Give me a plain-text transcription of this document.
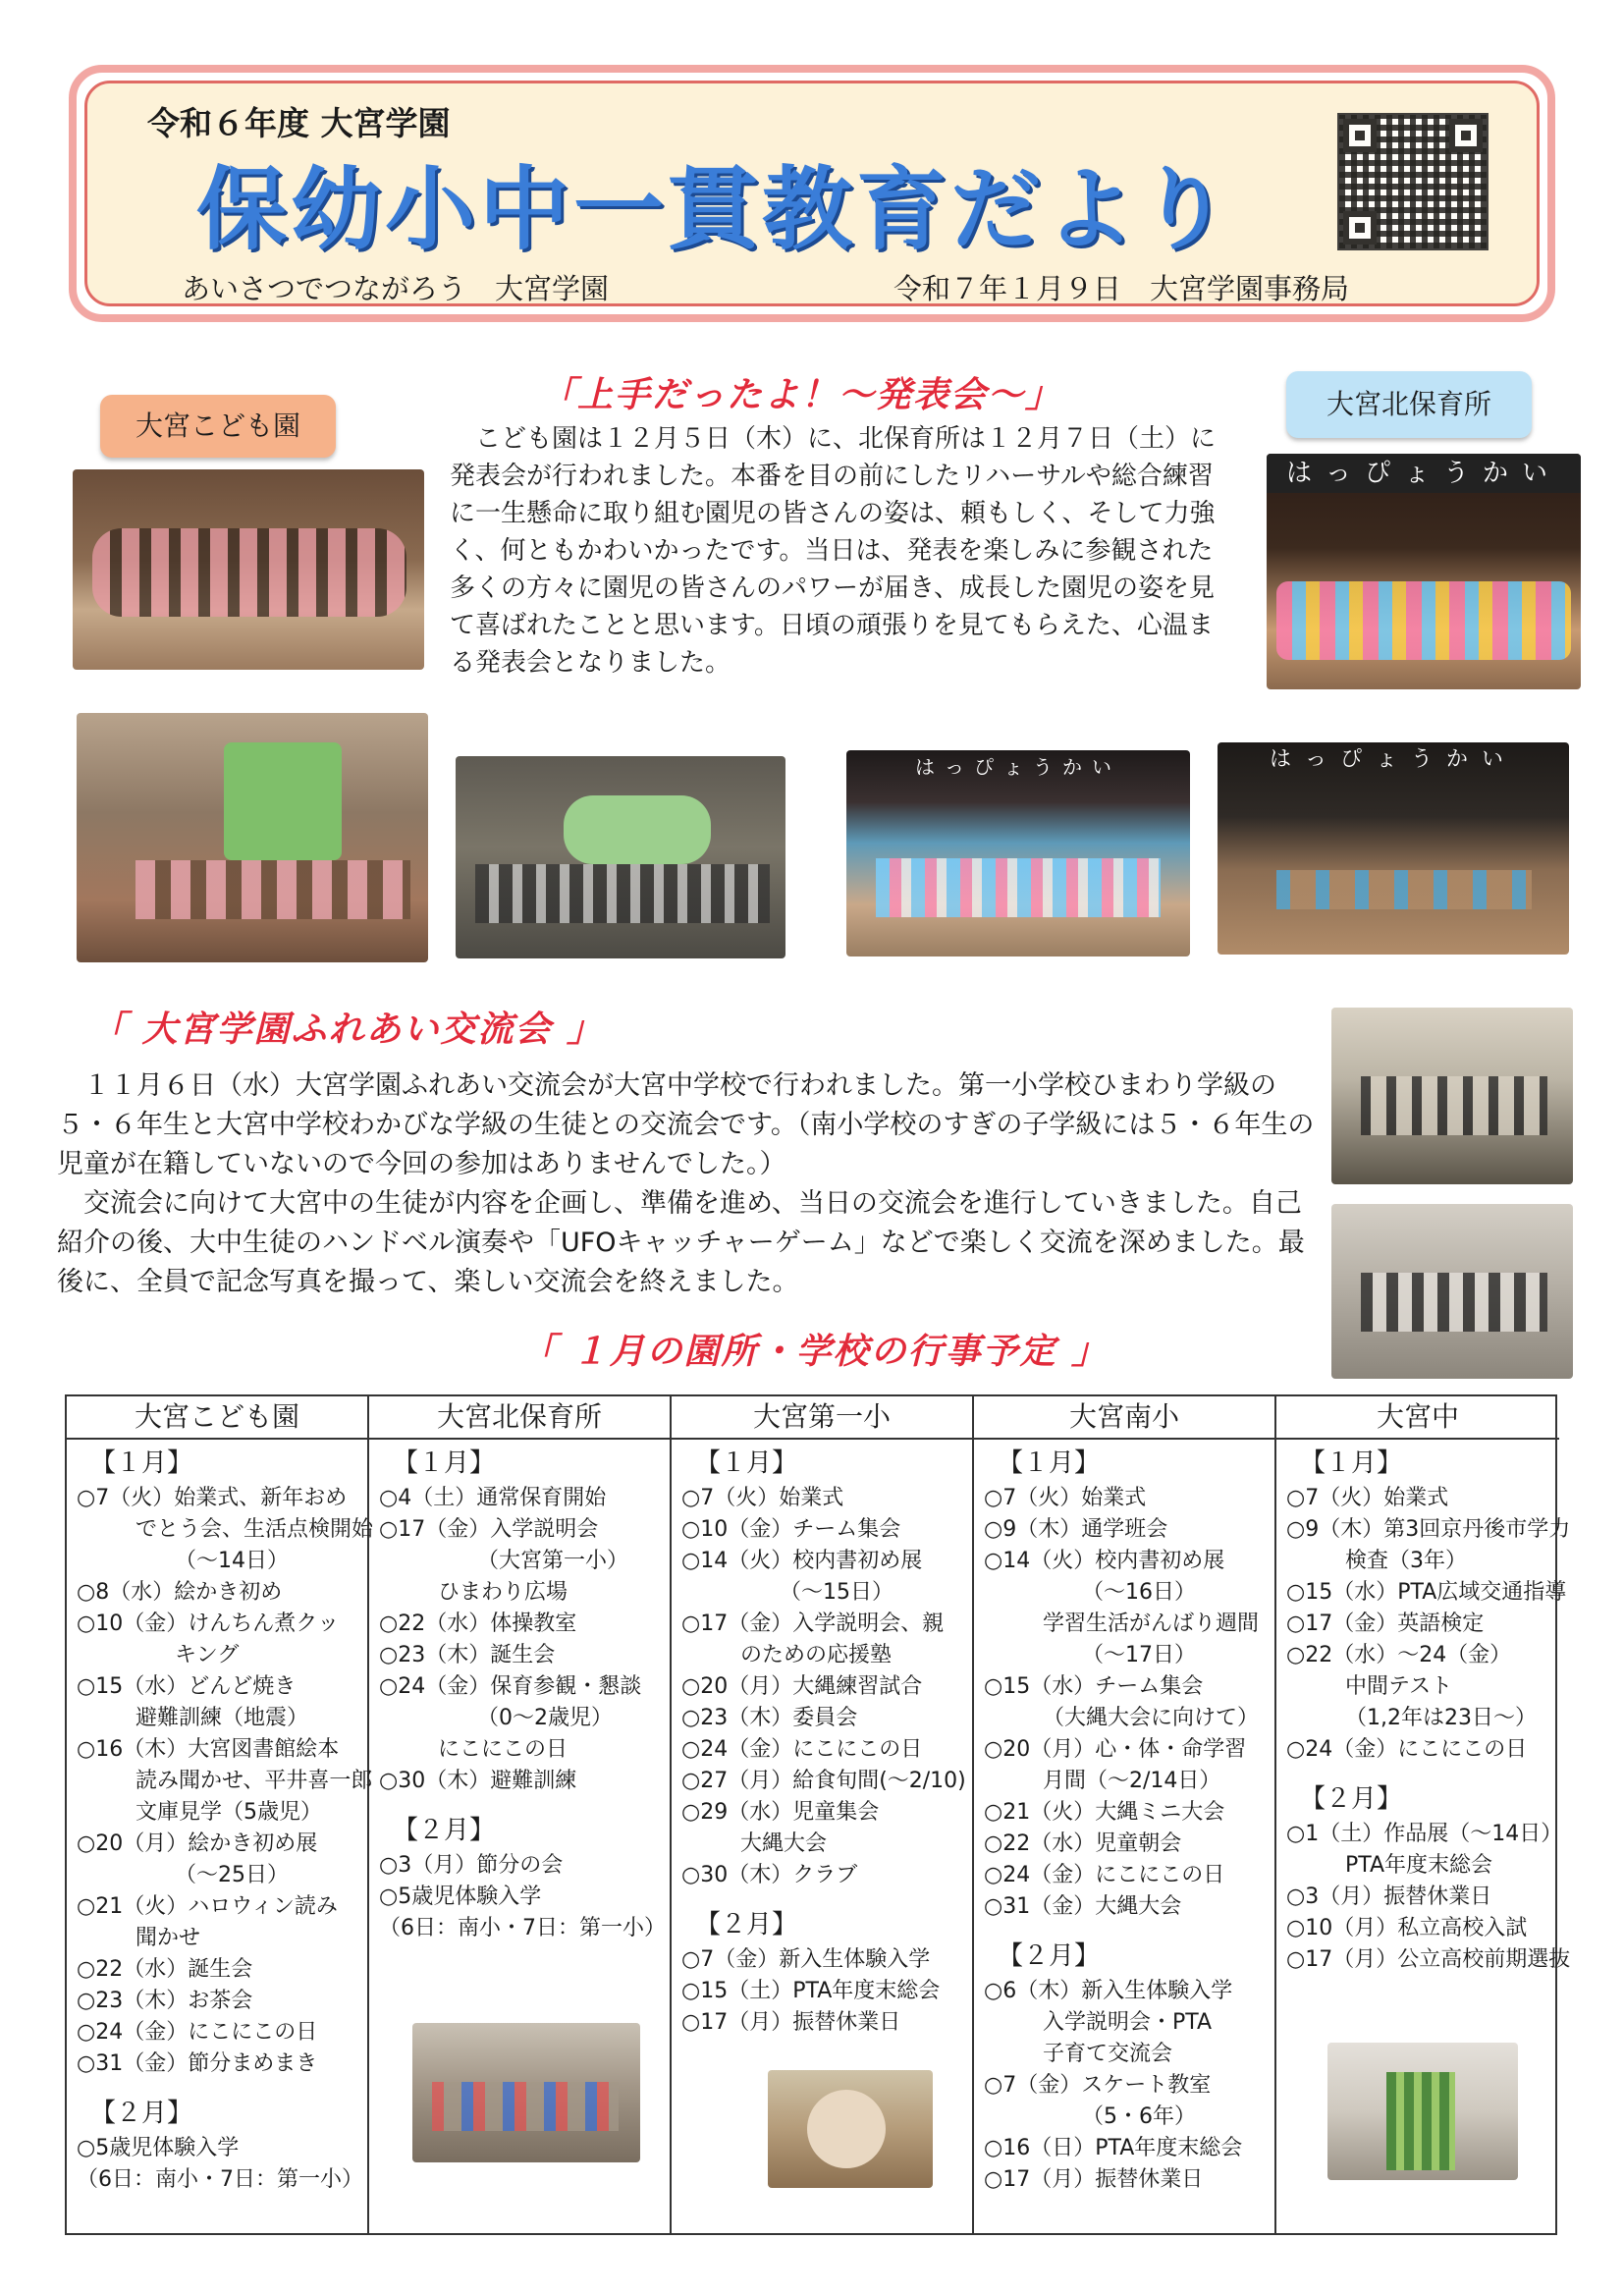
令和６年度 大宮学園
保幼小中一貫教育だより
あいさつでつながろう　大宮学園	令和７年１月９日　大宮学園事務局
「上手だったよ！～発表会～」
大宮こども園
大宮北保育所
　こども園は１２月５日（木）に、北保育所は１２月７日（土）に発表会が行われました。本番を目の前にしたリハーサルや総合練習に一生懸命に取り組む園児の皆さんの姿は、頼もしく、そして力強く、何ともかわいかったです。当日は、発表を楽しみに参観された多くの方々に園児の皆さんのパワーが届き、成長した園児の姿を見て喜ばれたことと思います。日頃の頑張りを見てもらえた、心温まる発表会となりました。
はっぴょうかい
はっぴょうかい	はっぴょうかい
「 大宮学園ふれあい交流会 」
　１１月６日（水）大宮学園ふれあい交流会が大宮中学校で行われました。第一小学校ひまわり学級の５・６年生と大宮中学校わかびな学級の生徒との交流会です。（南小学校のすぎの子学級には５・６年生の児童が在籍していないので今回の参加はありませんでした。）
　交流会に向けて大宮中の生徒が内容を企画し、準備を進め、当日の交流会を進行していきました。自己紹介の後、大中生徒のハンドベル演奏や「UFOキャッチャーゲーム」などで楽しく交流を深めました。最後に、全員で記念写真を撮って、楽しい交流会を終えました。
「 １月の園所・学校の行事予定 」
大宮こども園
【１月】
○7（火）始業式、新年おめ
でとう会、生活点検開始
（～14日）
○8（水）絵かき初め
○10（金）けんちん煮クッ
キング
○15（水）どんど焼き
避難訓練（地震）
○16（木）大宮図書館絵本
読み聞かせ、平井喜一郎
文庫見学（5歳児）
○20（月）絵かき初め展
（～25日）
○21（火）ハロウィン読み
聞かせ
○22（水）誕生会
○23（木）お茶会
○24（金）にこにこの日
○31（金）節分まめまき
【２月】
○5歳児体験入学
（6日：南小・7日：第一小）
大宮北保育所
【１月】
○4（土）通常保育開始
○17（金）入学説明会
（大宮第一小）
ひまわり広場
○22（水）体操教室
○23（木）誕生会
○24（金）保育参観・懇談
（0～2歳児）
にこにこの日
○30（木）避難訓練
【２月】
○3（月）節分の会
○5歳児体験入学
（6日：南小・7日：第一小）
大宮第一小
【１月】
○7（火）始業式
○10（金）チーム集会
○14（火）校内書初め展
（～15日）
○17（金）入学説明会、親
のための応援塾
○20（月）大縄練習試合
○23（木）委員会
○24（金）にこにこの日
○27（月）給食旬間(～2/10)
○29（水）児童集会
大縄大会
○30（木）クラブ
【２月】
○7（金）新入生体験入学
○15（土）PTA年度末総会
○17（月）振替休業日
大宮南小
【１月】
○7（火）始業式
○9（木）通学班会
○14（火）校内書初め展
（～16日）
学習生活がんばり週間
（～17日）
○15（水）チーム集会
（大縄大会に向けて）
○20（月）心・体・命学習
月間（～2/14日）
○21（火）大縄ミニ大会
○22（水）児童朝会
○24（金）にこにこの日
○31（金）大縄大会
【２月】
○6（木）新入生体験入学
入学説明会・PTA
子育て交流会
○7（金）スケート教室
（5・6年）
○16（日）PTA年度末総会
○17（月）振替休業日
大宮中
【１月】
○7（火）始業式
○9（木）第3回京丹後市学力
検査（3年）
○15（水）PTA広域交通指導
○17（金）英語検定
○22（水）～24（金）
中間テスト
（1,2年は23日～）
○24（金）にこにこの日
【２月】
○1（土）作品展（～14日）
PTA年度末総会
○3（月）振替休業日
○10（月）私立高校入試
○17（月）公立高校前期選抜
